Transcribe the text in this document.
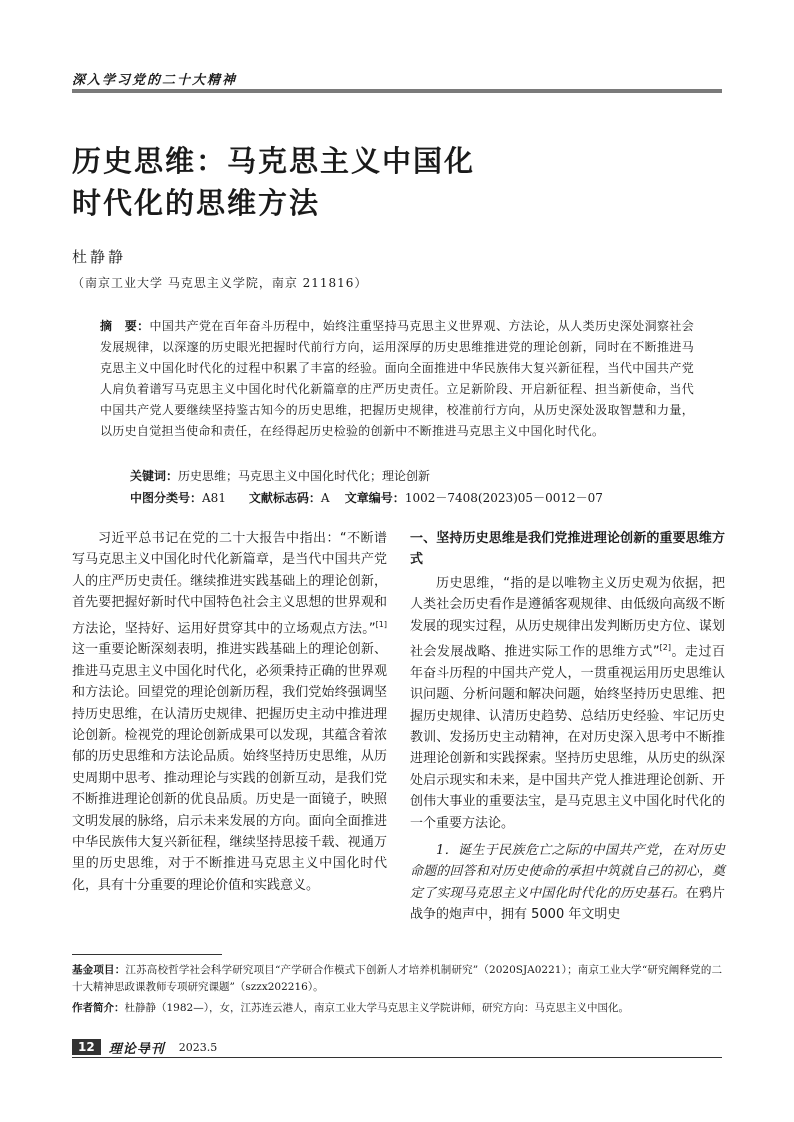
深入学习党的二十大精神
历史思维：马克思主义中国化
时代化的思维方法
杜静静
（南京工业大学 马克思主义学院，南京 211816）
摘　要：中国共产党在百年奋斗历程中，始终注重坚持马克思主义世界观、方法论，从人类历史深处洞察社会发展规律，以深邃的历史眼光把握时代前行方向，运用深厚的历史思维推进党的理论创新，同时在不断推进马克思主义中国化时代化的过程中积累了丰富的经验。面向全面推进中华民族伟大复兴新征程，当代中国共产党人肩负着谱写马克思主义中国化时代化新篇章的庄严历史责任。立足新阶段、开启新征程、担当新使命，当代中国共产党人要继续坚持鉴古知今的历史思维，把握历史规律，校准前行方向，从历史深处汲取智慧和力量，以历史自觉担当使命和责任，在经得起历史检验的创新中不断推进马克思主义中国化时代化。
关键词：历史思维；马克思主义中国化时代化；理论创新
中图分类号：A81 文献标志码：A 文章编号：1002－7408(2023)05－0012－07

习近平总书记在党的二十大报告中指出：“不断谱写马克思主义中国化时代化新篇章，是当代中国共产党人的庄严历史责任。继续推进实践基础上的理论创新，首先要把握好新时代中国特色社会主义思想的世界观和方法论，坚持好、运用好贯穿其中的立场观点方法。”[1]这一重要论断深刻表明，推进实践基础上的理论创新、推进马克思主义中国化时代化，必须秉持正确的世界观和方法论。回望党的理论创新历程，我们党始终强调坚持历史思维，在认清历史规律、把握历史主动中推进理论创新。检视党的理论创新成果可以发现，其蕴含着浓郁的历史思维和方法论品质。始终坚持历史思维，从历史周期中思考、推动理论与实践的创新互动，是我们党不断推进理论创新的优良品质。历史是一面镜子，映照文明发展的脉络，启示未来发展的方向。面向全面推进中华民族伟大复兴新征程，继续坚持思接千载、视通万里的历史思维，对于不断推进马克思主义中国化时代化，具有十分重要的理论价值和实践意义。

一、坚持历史思维是我们党推进理论创新的重要思维方式

历史思维，“指的是以唯物主义历史观为依据，把人类社会历史看作是遵循客观规律、由低级向高级不断发展的现实过程，从历史规律出发判断历史方位、谋划社会发展战略、推进实际工作的思维方式”[2]。走过百年奋斗历程的中国共产党人，一贯重视运用历史思维认识问题、分析问题和解决问题，始终坚持历史思维、把握历史规律、认清历史趋势、总结历史经验、牢记历史教训、发扬历史主动精神，在对历史深入思考中不断推进理论创新和实践探索。坚持历史思维，从历史的纵深处启示现实和未来，是中国共产党人推进理论创新、开创伟大事业的重要法宝，是马克思主义中国化时代化的一个重要方法论。

1．诞生于民族危亡之际的中国共产党，在对历史命题的回答和对历史使命的承担中筑就自己的初心，奠定了实现马克思主义中国化时代化的历史基石。在鸦片战争的炮声中，拥有 5000 年文明史

基金项目：江苏高校哲学社会科学研究项目“产学研合作模式下创新人才培养机制研究”（2020SJA0221）；南京工业大学“研究阐释党的二十大精神思政课教师专项研究课题”（szzx202216）。
作者简介：杜静静（1982—），女，江苏连云港人，南京工业大学马克思主义学院讲师，研究方向：马克思主义中国化。
12	理论导刊 2023.5
